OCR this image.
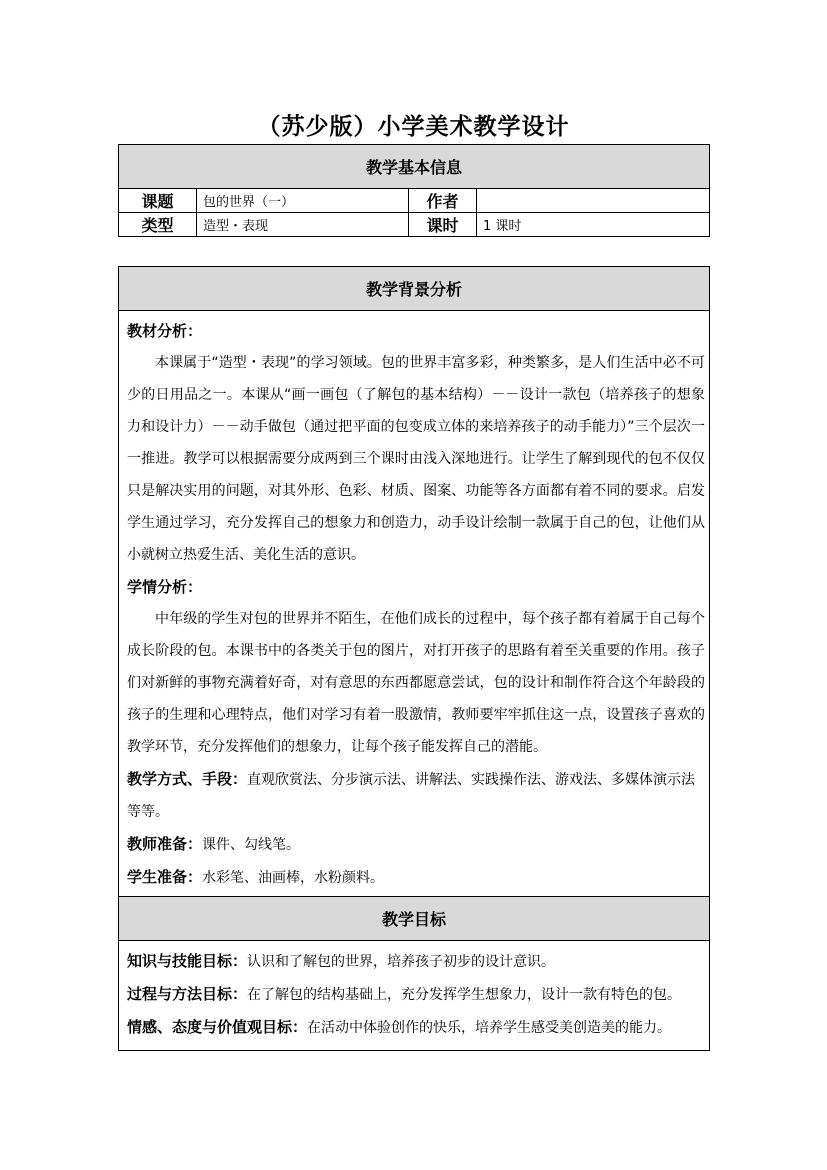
（苏少版）小学美术教学设计
教学基本信息			
课题	包的世界（一）	作者	
类型	造型・表现	课时	1 课时
教学背景分析

教材分析：

本课属于“造型・表现”的学习领域。包的世界丰富多彩，种类繁多，是人们生活中必不可少的日用品之一。本课从“画一画包（了解包的基本结构）－－设计一款包（培养孩子的想象力和设计力）－－动手做包（通过把平面的包变成立体的来培养孩子的动手能力）”三个层次一一推进。教学可以根据需要分成两到三个课时由浅入深地进行。让学生了解到现代的包不仅仅只是解决实用的问题，对其外形、色彩、材质、图案、功能等各方面都有着不同的要求。启发学生通过学习，充分发挥自己的想象力和创造力，动手设计绘制一款属于自己的包，让他们从小就树立热爱生活、美化生活的意识。

学情分析：

中年级的学生对包的世界并不陌生，在他们成长的过程中，每个孩子都有着属于自己每个成长阶段的包。本课书中的各类关于包的图片，对打开孩子的思路有着至关重要的作用。孩子们对新鲜的事物充满着好奇，对有意思的东西都愿意尝试，包的设计和制作符合这个年龄段的孩子的生理和心理特点，他们对学习有着一股激情，教师要牢牢抓住这一点，设置孩子喜欢的教学环节，充分发挥他们的想象力，让每个孩子能发挥自己的潜能。

教学方式、手段：直观欣赏法、分步演示法、讲解法、实践操作法、游戏法、多媒体演示法等等。
教师准备：课件、勾线笔。
学生准备：水彩笔、油画棒，水粉颜料。

教学目标

知识与技能目标：认识和了解包的世界，培养孩子初步的设计意识。
过程与方法目标：在了解包的结构基础上，充分发挥学生想象力，设计一款有特色的包。
情感、态度与价值观目标：在活动中体验创作的快乐，培养学生感受美创造美的能力。
